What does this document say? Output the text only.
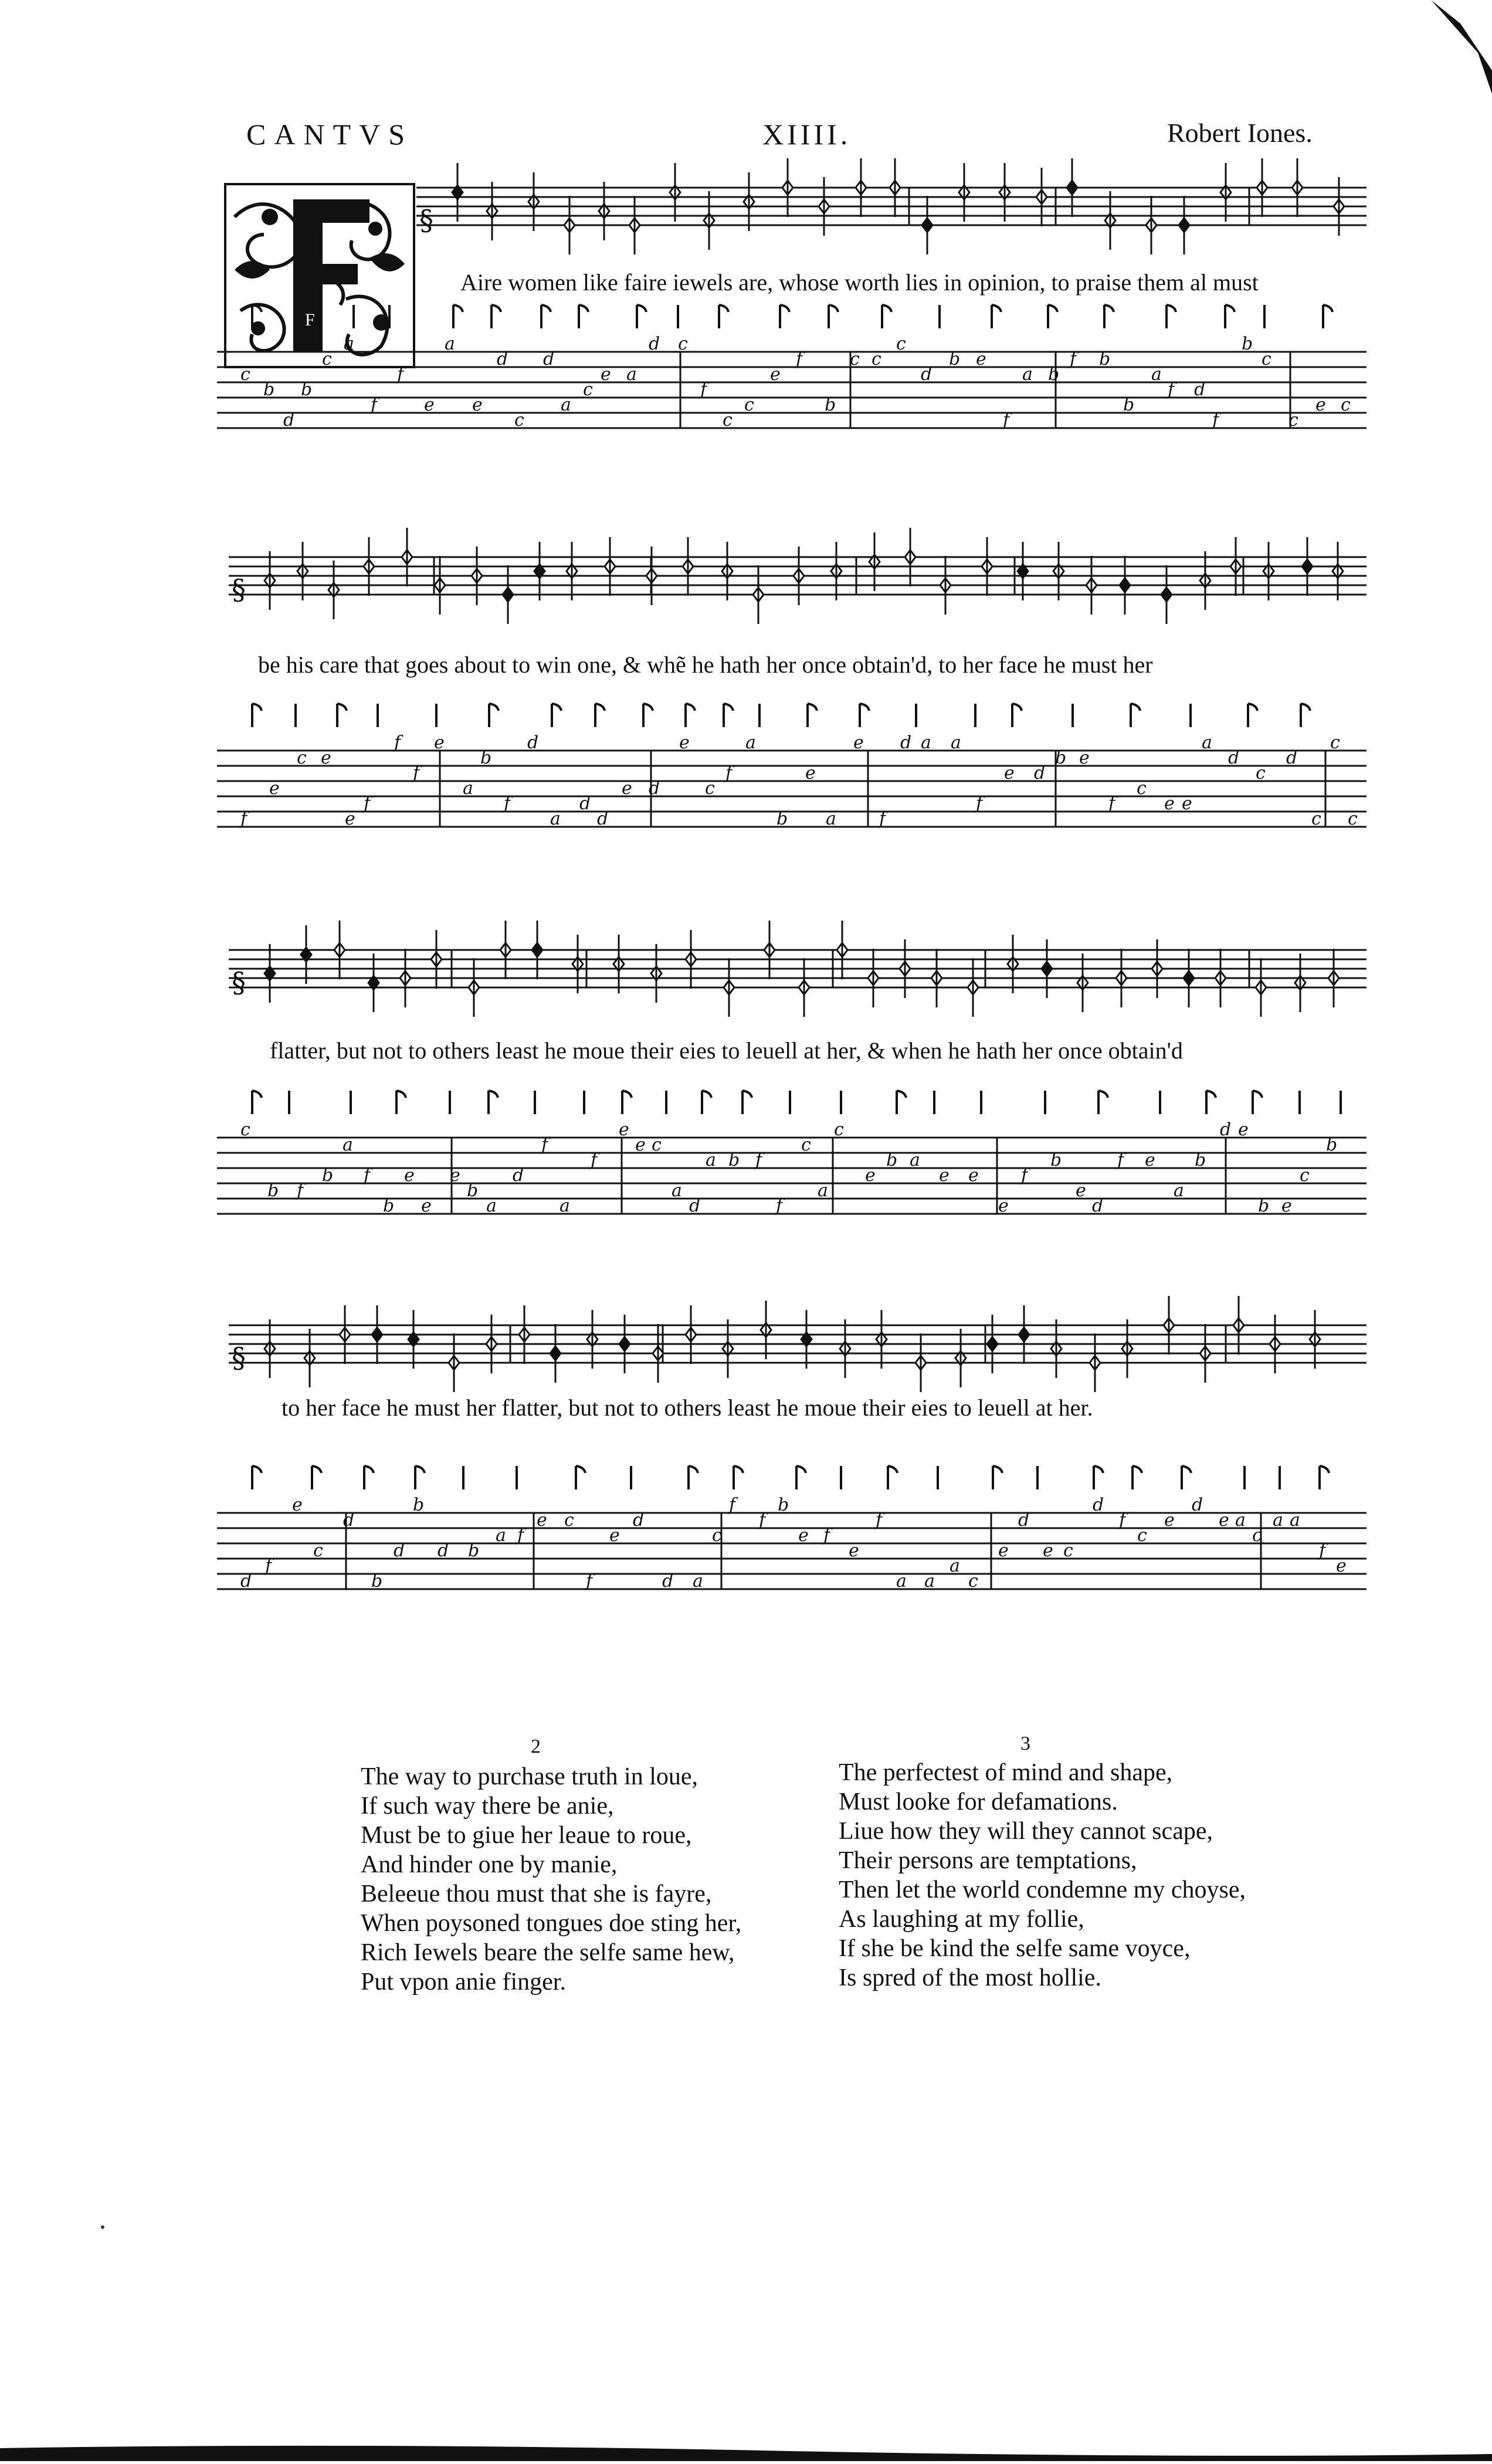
CANTVS	XIIII.	Robert Iones.
F
§
Aire women like faire iewels are, whose worth lies in opinion, to praise them al must
c
b
d
b
c
a
f
f
e
a
e
d
c
d
a
c
e a
d c
f
c
c
e
f
b
c c
c
d
b e
f
a b
f b
b
a
f d
f
b
c
c
e c
§
be his care that goes about to win one, & whẽ he hath her once obtain'd, to her face he must her
f
e
c e
e
f
f
f
e
a
b
f
d
a
d
d
e d
e
c
f
a
b
e
a
e
f
d a a
f
e d
b e
f
c
e e
a
d
c
d
c
c
c
§
flatter, but not to others least he moue their eies to leuell at her, & when he hath her once obtain'd
c
b f
b
a
f
b
e
e
e
b
a
d
f
a
f
e
e c
a
d
a b f
f
c
a
c
e
b a
e e
e
f
b
e
d
f e
a
b
d e
b e
c
b
§
to her face he must her flatter, but not to others least he moue their eies to leuell at her.
d
f
e
c
d
b
d
b
d b
a f
e c
f
e
d
d a
c
f
f
b
e f
e
f
a a
a
c
e
d
e c
d
f
c
e
d
e a
c
a a
f
e
2
The way to purchase truth in loue,
If such way there be anie,
Must be to giue her leaue to roue,
And hinder one by manie,
Beleeue thou must that she is fayre,
When poysoned tongues doe sting her,
Rich Iewels beare the selfe same hew,
Put vpon anie finger.
3
The perfectest of mind and shape,
Must looke for defamations.
Liue how they will they cannot scape,
Their persons are temptations,
Then let the world condemne my choyse,
As laughing at my follie,
If she be kind the selfe same voyce,
Is spred of the most hollie.
